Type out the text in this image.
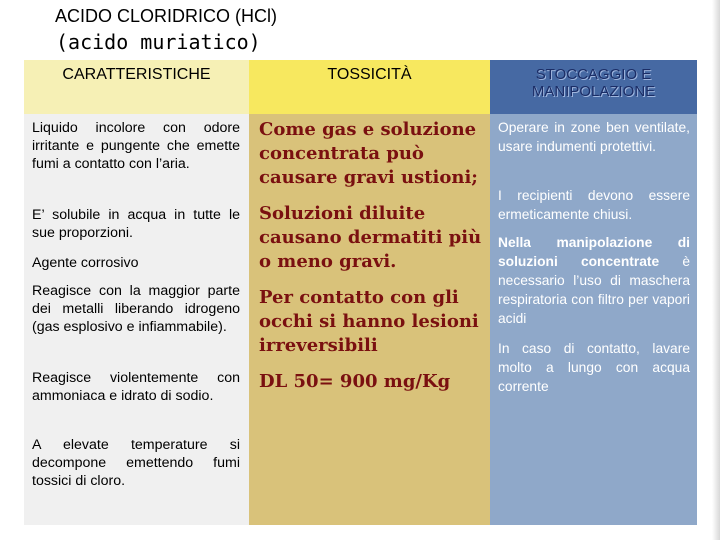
ACIDO CLORIDRICO (HCl)
(acido muriatico)
CARATTERISTICHE	TOSSICITÀ	STOCCAGGIO E
MANIPOLAZIONE
Liquido incolore con odore irritante e pungente che emette fumi a contatto con l’aria.
E’ solubile in acqua in tutte le sue proporzioni.
Agente corrosivo
Reagisce con la maggior parte dei metalli liberando idrogeno (gas esplosivo e infiammabile).
Reagisce violentemente con ammoniaca e idrato di sodio.
A elevate temperature si decompone emettendo fumi tossici di cloro.
Come gas e soluzione concentrata può causare gravi ustioni;
Soluzioni diluite causano dermatiti più o meno gravi.
Per contatto con gli occhi si hanno lesioni irreversibili
DL 50= 900 mg/Kg
Operare in zone ben ventilate, usare indumenti protettivi.
I recipienti devono essere ermeticamente chiusi.
Nella manipolazione di soluzioni concentrate è necessario l’uso di maschera respiratoria con filtro per vapori acidi
In caso di contatto, lavare molto a lungo con acqua corrente
